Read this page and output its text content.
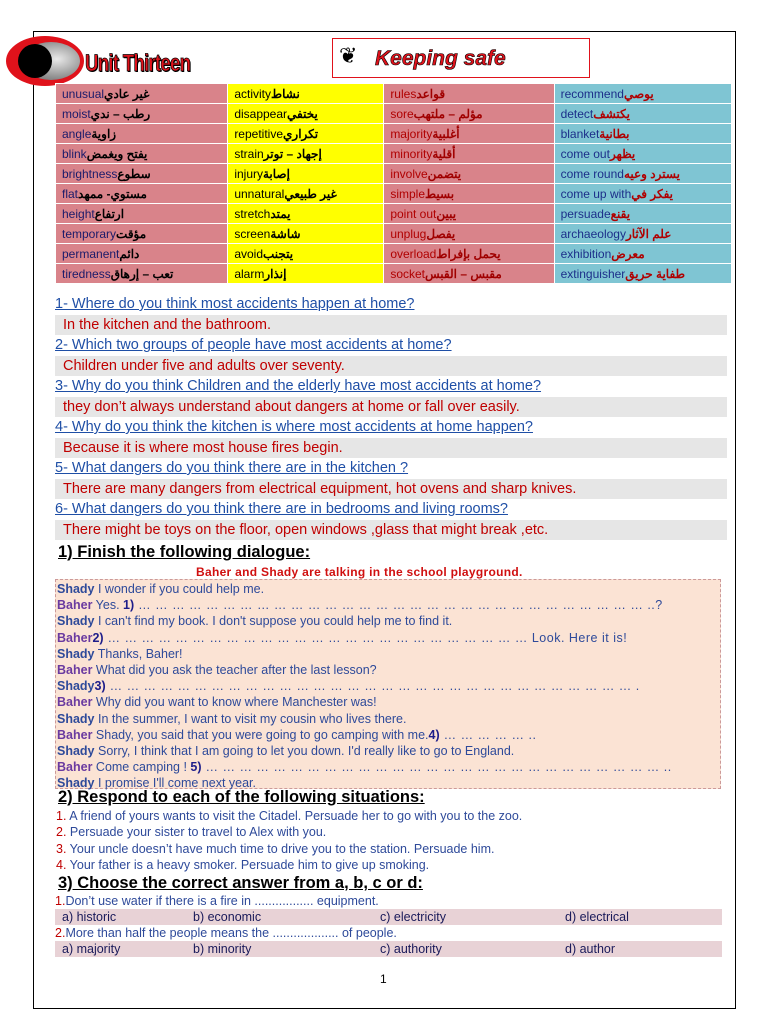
Unit Thirteen	❦ Keeping safe
unusualغير عادي	activityنشاط	rulesقواعد	recommendيوصي
moistرطب – ندي	disappearيختفي	soreمؤلم – ملتهب	detectيكتشف
angleزاوية	repetitiveتكراري	majorityأغلبية	blanketبطانية
blinkيفتح ويغمض	strainإجهاد – توتر	minorityأقلية	come outيظهر
brightnessسطوع	injuryإصابة	involveيتضمن	come roundيسترد وعيه
flatمستوي- ممهد	unnaturalغير طبيعي	simpleبسيط	come up withيفكر في
heightارتفاع	stretchيمتد	point outيبين	persuadeيقنع
temporaryمؤقت	screenشاشة	unplugيفصل	archaeologyعلم الآثار
permanentدائم	avoidيتجنب	overloadيحمل بإفراط	exhibitionمعرض
tirednessتعب – إرهاق	alarmإنذار	socketمقبس – القبس	extinguisherطفاية حريق
1- Where do you think most accidents happen at home?
In the kitchen and the bathroom.
2- Which two groups of people have most accidents at home?
Children under five and adults over seventy.
3- Why do you think Children and the elderly have most accidents at home?
they don’t always understand about dangers at home or fall over easily.
4- Why do you think the kitchen is where most accidents at home happen?
Because it is where most house fires begin.
5- What dangers do you think there are in the kitchen ?
There are many dangers from electrical equipment, hot ovens and sharp knives.
6- What dangers do you think there are in bedrooms and living rooms?
There might be toys on the floor, open windows ,glass that might break ,etc.
1) Finish the following dialogue:
Baher and Shady are talking in the school playground.
Shady I wonder if you could help me.
Baher Yes. 1) … … … … … … … … … … … … … … … … … … … … … … … … … … … … … … ..?
Shady I can't find my book. I don't suppose you could help me to find it.
Baher2) … … … … … … … … … … … … … … … … … … … … … … … … … Look. Here it is!
Shady Thanks, Baher!
Baher What did you ask the teacher after the last lesson?
Shady3) … … … … … … … … … … … … … … … … … … … … … … … … … … … … … … … .
Baher Why did you want to know where Manchester was!
Shady In the summer, I want to visit my cousin who lives there.
Baher Shady, you said that you were going to go camping with me.4) … … … … … ..
Shady Sorry, I think that I am going to let you down. I'd really like to go to England.
Baher Come camping ! 5) … … … … … … … … … … … … … … … … … … … … … … … … … … … ..
Shady I promise I'll come next year.
2) Respond to each of the following situations:
1. A friend of yours wants to visit the Citadel. Persuade her to go with you to the zoo.
2. Persuade your sister to travel to Alex with you.
3. Your uncle doesn’t have much time to drive you to the station. Persuade him.
4. Your father is a heavy smoker. Persuade him to give up smoking.
3) Choose the correct answer from a, b, c or d:
1.Don’t use water if there is a fire in ................. equipment.
a) historic	b) economic	c) electricity	d) electrical
2.More than half the people means the ................... of people.
a) majority	b) minority	c) authority	d) author
1
